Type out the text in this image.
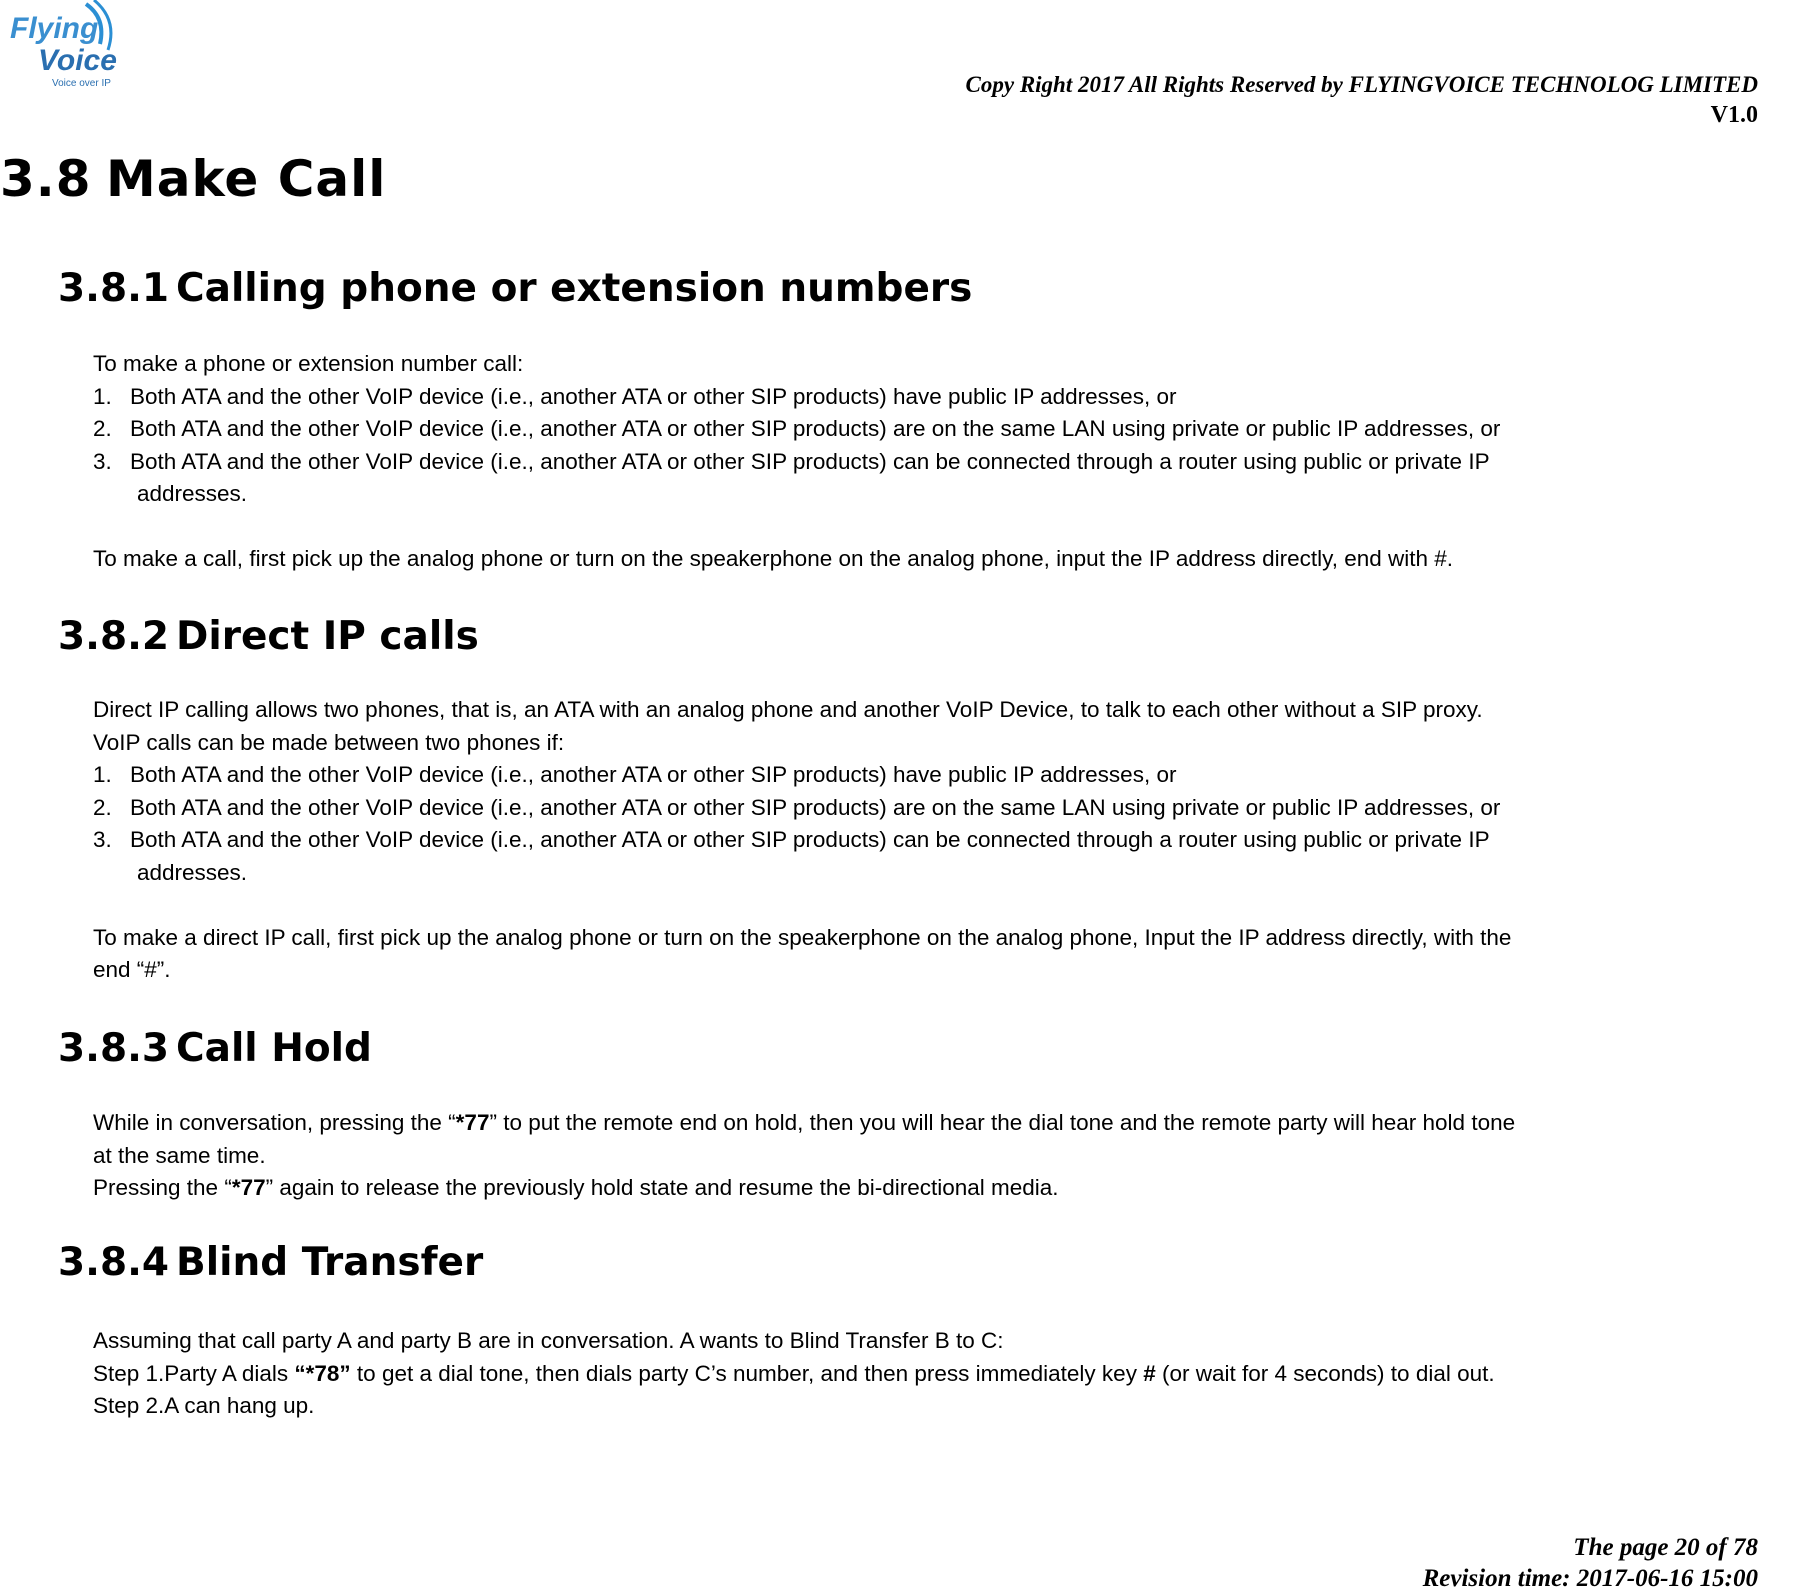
Flying
Voice
Voice over IP	Copy Right 2017 All Rights Reserved by FLYINGVOICE TECHNOLOG LIMITED
V1.0
3.8 Make Call
3.8.1 Calling phone or extension numbers
To make a phone or extension number call:
1. Both ATA and the other VoIP device (i.e., another ATA or other SIP products) have public IP addresses, or
2. Both ATA and the other VoIP device (i.e., another ATA or other SIP products) are on the same LAN using private or public IP addresses, or
3. Both ATA and the other VoIP device (i.e., another ATA or other SIP products) can be connected through a router using public or private IP
addresses.
To make a call, first pick up the analog phone or turn on the speakerphone on the analog phone, input the IP address directly, end with #.
3.8.2 Direct IP calls
Direct IP calling allows two phones, that is, an ATA with an analog phone and another VoIP Device, to talk to each other without a SIP proxy.
VoIP calls can be made between two phones if:
1. Both ATA and the other VoIP device (i.e., another ATA or other SIP products) have public IP addresses, or
2. Both ATA and the other VoIP device (i.e., another ATA or other SIP products) are on the same LAN using private or public IP addresses, or
3. Both ATA and the other VoIP device (i.e., another ATA or other SIP products) can be connected through a router using public or private IP
addresses.
To make a direct IP call, first pick up the analog phone or turn on the speakerphone on the analog phone, Input the IP address directly, with the
end “#”.
3.8.3 Call Hold
While in conversation, pressing the “*77” to put the remote end on hold, then you will hear the dial tone and the remote party will hear hold tone
at the same time.
Pressing the “*77” again to release the previously hold state and resume the bi-directional media.
3.8.4 Blind Transfer
Assuming that call party A and party B are in conversation. A wants to Blind Transfer B to C:
Step 1.Party A dials “*78” to get a dial tone, then dials party C’s number, and then press immediately key # (or wait for 4 seconds) to dial out.
Step 2.A can hang up.
The page 20 of 78
Revision time: 2017-06-16 15:00
